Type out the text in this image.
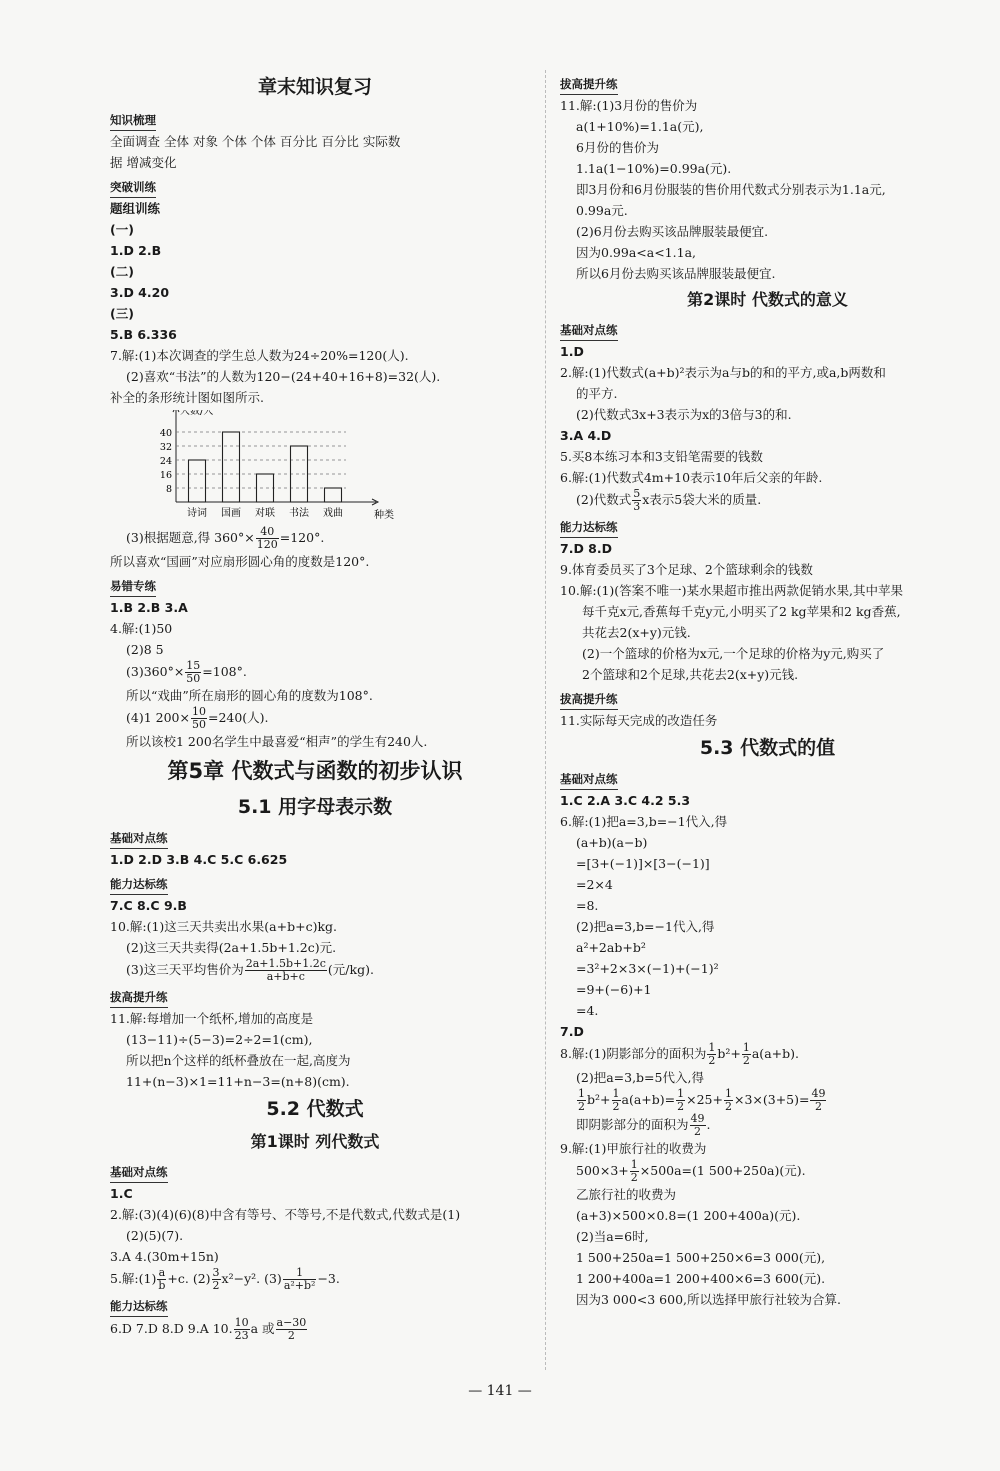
章末知识复习
知识梳理
全面调查 全体 对象 个体 个体 百分比 百分比 实际数
据 增减变化
突破训练
题组训练
(一)
1.D 2.B
(二)
3.D 4.20
(三)
5.B 6.336
7.解:(1)本次调查的学生总人数为24÷20%=120(人).
(2)喜欢“书法”的人数为120−(24+40+16+8)=32(人).
补全的条形统计图如图所示.
8
16
24
32
40
人数/人
诗词 国画 对联 书法 戏曲	种类
(3)根据题意,得 $360^\circ\times \frac{40}{120} =120^\circ$.
所以喜欢“国画”对应扇形圆心角的度数是120°.
易错专练
1.B 2.B 3.A
4.解:(1)50
(2)8 5
$(3)360^\circ\times \frac{15}{50} =108^\circ$.
所以“戏曲”所在扇形的圆心角的度数为108°.
(4)1 $200\times \frac{10}{50} =240$(人).
所以该校1 200名学生中最喜爱“相声”的学生有240人.
第5章 代数式与函数的初步认识
5.1 用字母表示数
基础对点练
1.D 2.D 3.B 4.C 5.C 6.625
能力达标练
7.C 8.C 9.B
10.解:(1)这三天共卖出水果(a+b+c)kg.
(2)这三天共卖得(2a+1.5b+1.2c)元.
(3)这三天平均售价为 $\frac{2a+1.5b+1.2c}{a+b+c}$ (元/kg).
拔高提升练
11.解:每增加一个纸杯,增加的高度是
(13−11)÷(5−3)=2÷2=1(cm),
所以把n个这样的纸杯叠放在一起,高度为
11+(n−3)×1=11+n−3=(n+8)(cm).
5.2 代数式
第1课时 列代数式
基础对点练
1.C
2.解:(3)(4)(6)(8)中含有等号、不等号,不是代数式,代数式是(1)
(2)(5)(7).
3.A 4.(30m+15n)
5.解:(1) $\frac{a}{b} +c$. $(2) \frac{3}{2} x^2-y^2$. $(3) \frac{1}{\text{a²+b²}} -3$.
能力达标练
6.D 7.D 8.D 9.A 10. $\frac{10}{23}$ a 或 $\frac{a-30}{2}$
拔高提升练
11.解:(1)3月份的售价为
a(1+10%)=1.1a(元),
6月份的售价为
1.1a(1−10%)=0.99a(元).
即3月份和6月份服装的售价用代数式分别表示为1.1a元,
0.99a元.
(2)6月份去购买该品牌服装最便宜.
因为0.99a<a<1.1a,
所以6月份去购买该品牌服装最便宜.
第2课时 代数式的意义
基础对点练
1.D
2.解:(1)代数式(a+b)²表示为a与b的和的平方,或a,b两数和
的平方.
(2)代数式3x+3表示为x的3倍与3的和.
3.A 4.D
5.买8本练习本和3支铅笔需要的钱数
6.解:(1)代数式4m+10表示10年后父亲的年龄.
(2)代数式 $\frac{5}{3}$ x表示5袋大米的质量.
能力达标练
7.D 8.D
9.体育委员买了3个足球、2个篮球剩余的钱数
10.解:(1)(答案不唯一)某水果超市推出两款促销水果,其中苹果
每千克x元,香蕉每千克y元,小明买了2 kg苹果和2 kg香蕉,
共花去2(x+y)元钱.
(2)一个篮球的价格为x元,一个足球的价格为y元,购买了
2个篮球和2个足球,共花去2(x+y)元钱.
拔高提升练
11.实际每天完成的改造任务
5.3 代数式的值
基础对点练
1.C 2.A 3.C 4.2 5.3
6.解:(1)把a=3,b=−1代入,得
(a+b)(a−b)
=[3+(−1)]×[3−(−1)]
=2×4
=8.
(2)把a=3,b=−1代入,得
a²+2ab+b²
=3²+2×3×(−1)+(−1)²
=9+(−6)+1
=4.
7.D
8.解:(1)阴影部分的面积为 $\frac{1}{2} b^2+ \frac{1}{2} a(a+b)$.
(2)把a=3,b=5代入,得
$\frac{1}{2} b^2+ \frac{1}{2} a(a+b)= \frac{1}{2} \times 25+ \frac{1}{2} \times 3\times(3+5)= \frac{49}{2}$
即阴影部分的面积为 $\frac{49}{2}$ .
9.解:(1)甲旅行社的收费为
$500\times 3+ \frac{1}{2} \times 500a=(1$ 500+250a)(元).
乙旅行社的收费为
(a+3)×500×0.8=(1 200+400a)(元).
(2)当a=6时,
1 500+250a=1 500+250×6=3 000(元),
1 200+400a=1 200+400×6=3 600(元).
因为3 000<3 600,所以选择甲旅行社较为合算.
— 141 —
